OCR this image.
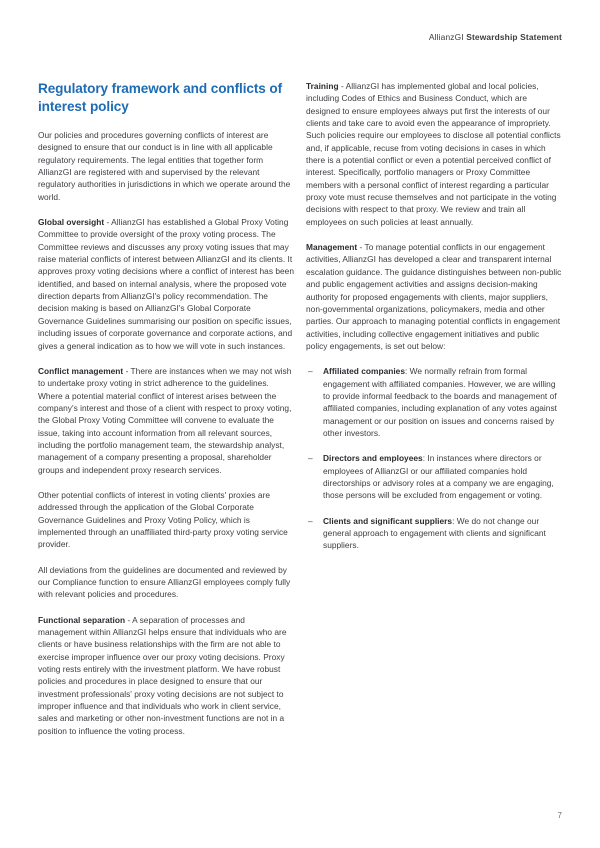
AllianzGI Stewardship Statement
Regulatory framework and conflicts of interest policy

Our policies and procedures governing conflicts of interest are designed to ensure that our conduct is in line with all applicable regulatory requirements. The legal entities that together form AllianzGI are registered with and supervised by the relevant regulatory authorities in jurisdictions in which we operate around the world.

Global oversight - AllianzGI has established a Global Proxy Voting Committee to provide oversight of the proxy voting process. The Committee reviews and discusses any proxy voting issues that may raise material conflicts of interest between AllianzGI and its clients. It approves proxy voting decisions where a conflict of interest has been identified, and based on internal analysis, where the proposed vote direction departs from AllianzGI's policy recommendation. The decision making is based on AllianzGI's Global Corporate Governance Guidelines summarising our position on specific issues, including issues of corporate governance and corporate actions, and gives a general indication as to how we will vote in such instances.

Conflict management - There are instances when we may not wish to undertake proxy voting in strict adherence to the guidelines. Where a potential material conflict of interest arises between the company's interest and those of a client with respect to proxy voting, the Global Proxy Voting Committee will convene to evaluate the issue, taking into account information from all relevant sources, including the portfolio management team, the stewardship analyst, management of a company presenting a proposal, shareholder groups and independent proxy research services.

Other potential conflicts of interest in voting clients' proxies are addressed through the application of the Global Corporate Governance Guidelines and Proxy Voting Policy, which is implemented through an unaffiliated third-party proxy voting service provider.

All deviations from the guidelines are documented and reviewed by our Compliance function to ensure AllianzGI employees comply fully with relevant policies and procedures.

Functional separation - A separation of processes and management within AllianzGI helps ensure that individuals who are clients or have business relationships with the firm are not able to exercise improper influence over our proxy voting decisions. Proxy voting rests entirely with the investment platform. We have robust policies and procedures in place designed to ensure that our investment professionals' proxy voting decisions are not subject to improper influence and that individuals who work in client service, sales and marketing or other non-investment functions are not in a position to influence the voting process.

Training - AllianzGI has implemented global and local policies, including Codes of Ethics and Business Conduct, which are designed to ensure employees always put first the interests of our clients and take care to avoid even the appearance of impropriety. Such policies require our employees to disclose all potential conflicts and, if applicable, recuse from voting decisions in cases in which there is a potential conflict or even a potential perceived conflict of interest. Specifically, portfolio managers or Proxy Committee members with a personal conflict of interest regarding a particular proxy vote must recuse themselves and not participate in the voting decisions with respect to that proxy. We review and train all employees on such policies at least annually.

Management - To manage potential conflicts in our engagement activities, AllianzGI has developed a clear and transparent internal escalation guidance. The guidance distinguishes between non-public and public engagement activities and assigns decision-making authority for proposed engagements with clients, major suppliers, non-governmental organizations, policymakers, media and other parties. Our approach to managing potential conflicts in engagement activities, including collective engagement initiatives and public policy engagements, is set out below:

– Affiliated companies: We normally refrain from formal engagement with affiliated companies. However, we are willing to provide informal feedback to the boards and management of affiliated companies, including explanation of any votes against management or our position on issues and concerns raised by other investors.
– Directors and employees: In instances where directors or employees of AllianzGI or our affiliated companies hold directorships or advisory roles at a company we are engaging, those persons will be excluded from engagement or voting.
– Clients and significant suppliers: We do not change our general approach to engagement with clients and significant suppliers.
7
